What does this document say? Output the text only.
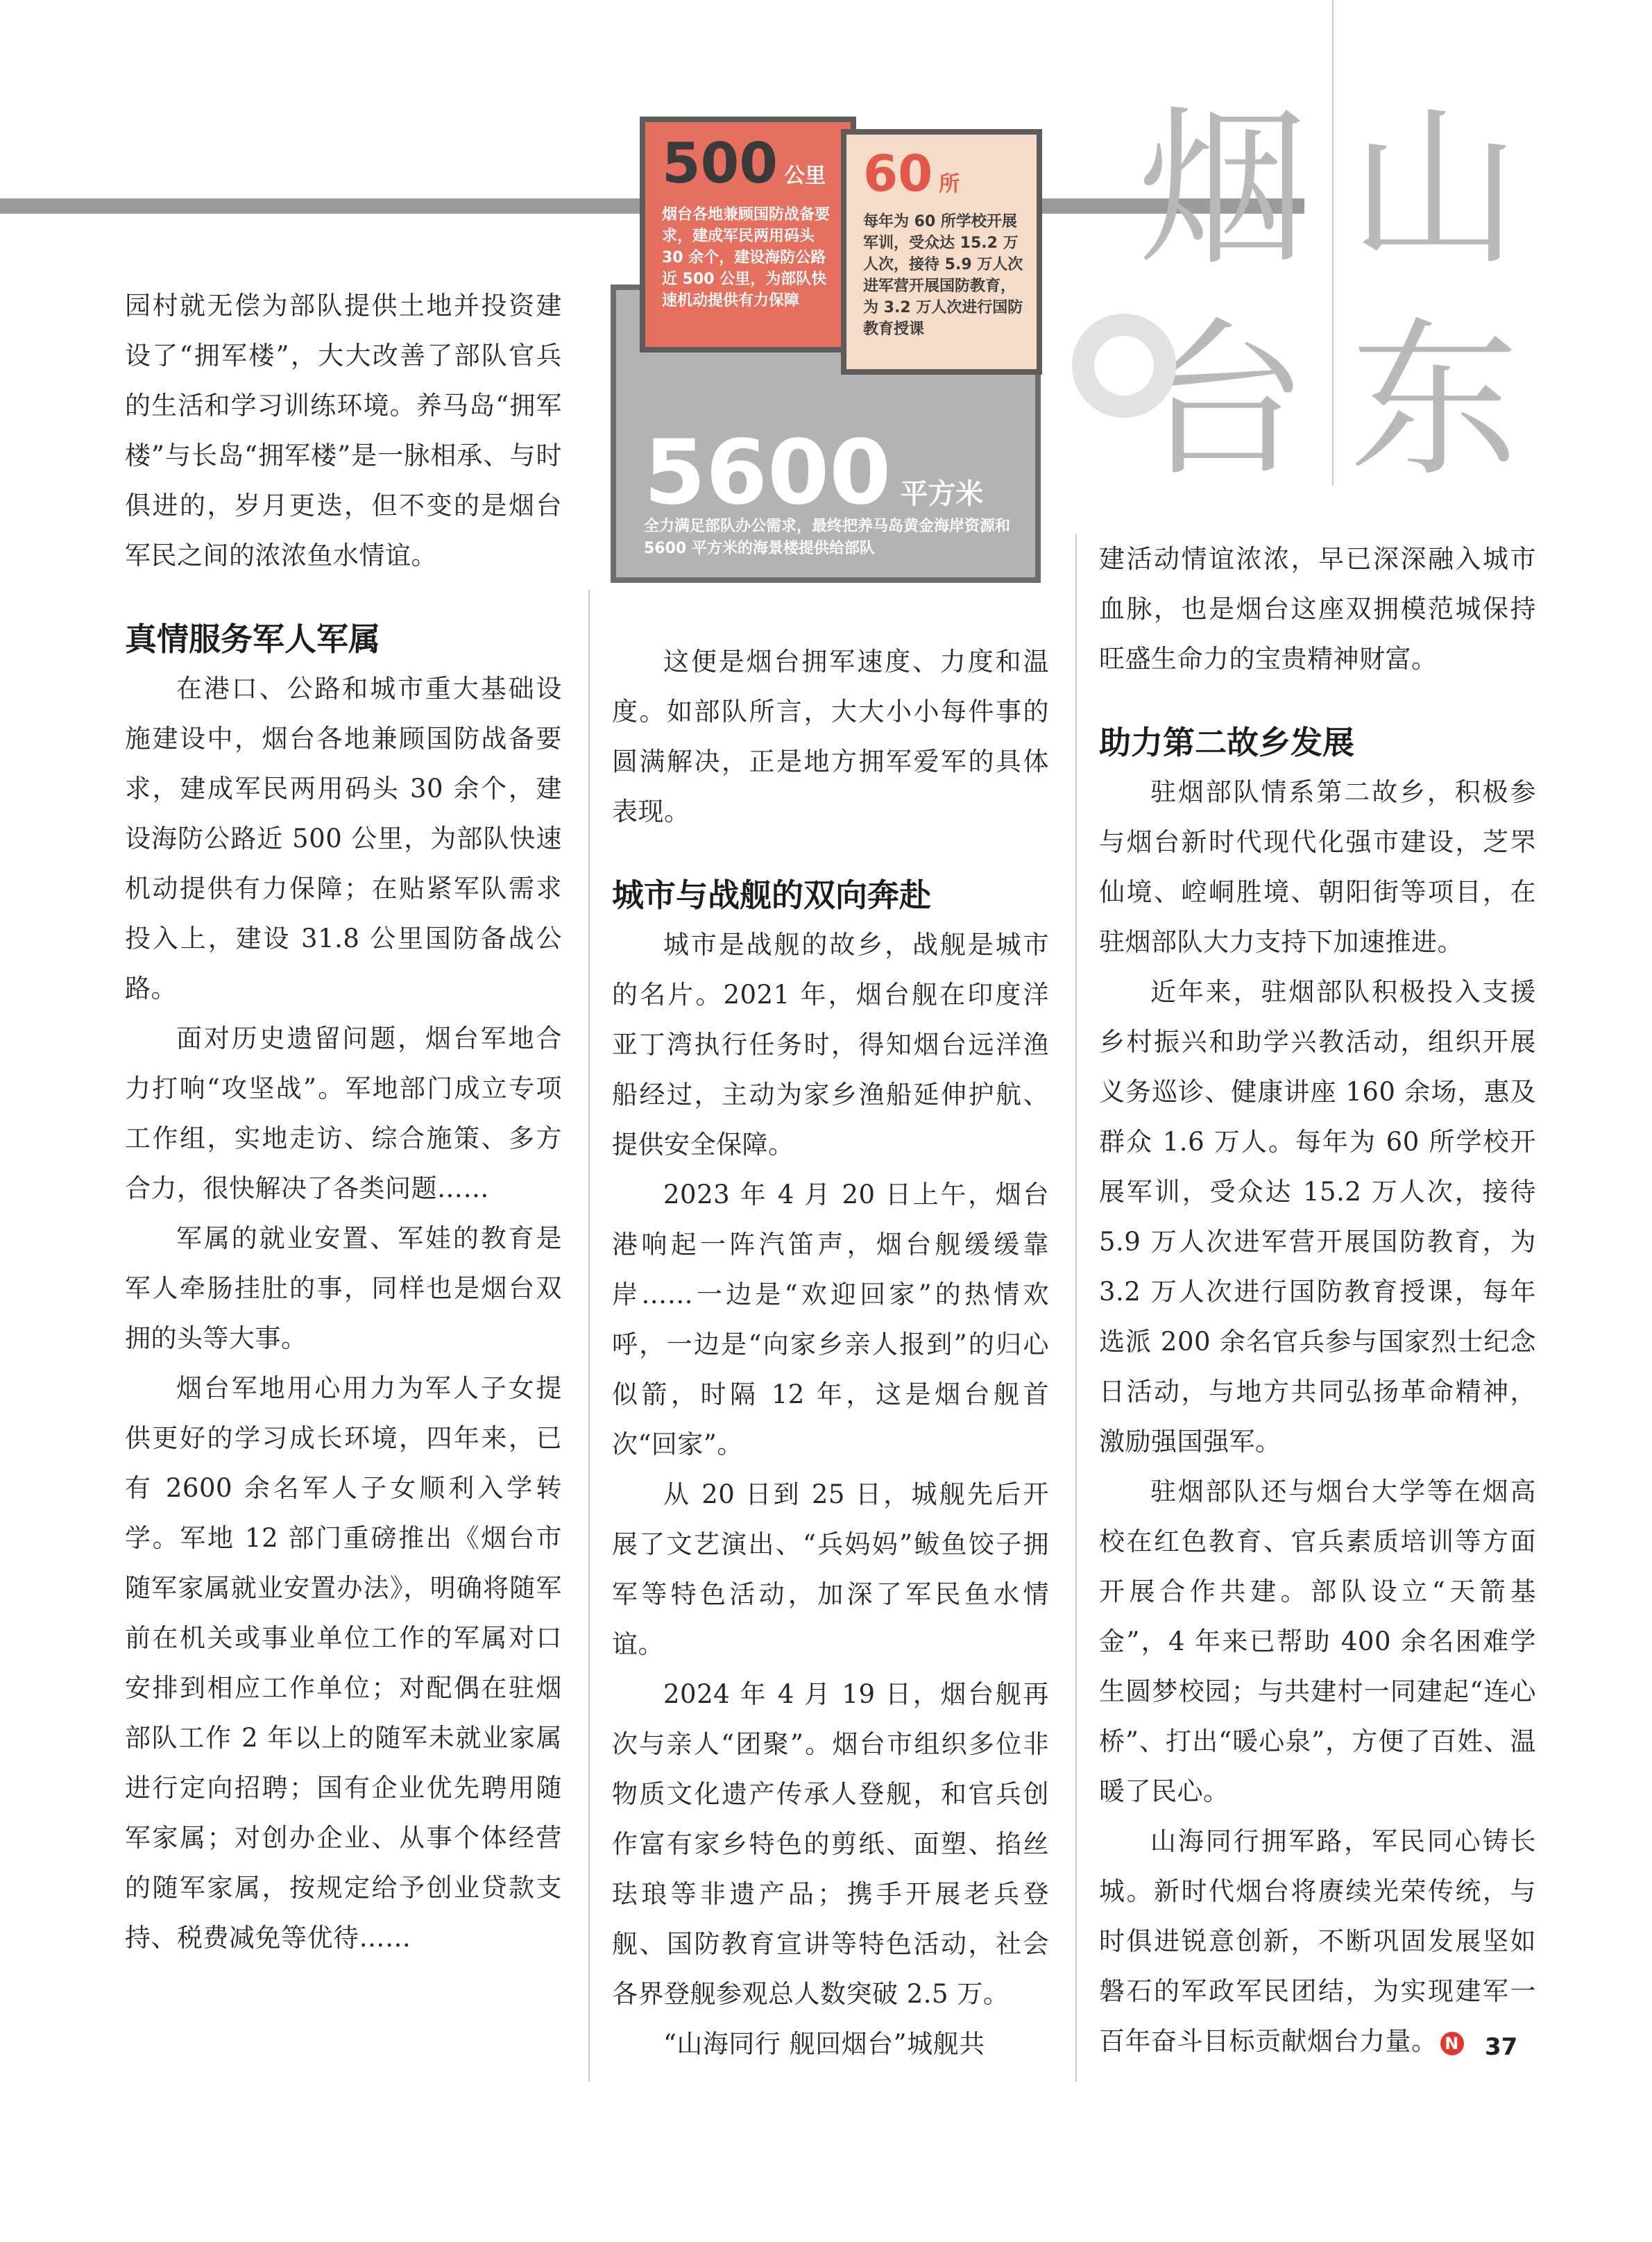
山
东
烟
台
5600 平方米
全力满足部队办公需求，最终把养马岛黄金海岸资源和 5600 平方米的海景楼提供给部队
500 公里
烟台各地兼顾国防战备要求，建成军民两用码头 30 余个，建设海防公路近 500 公里，为部队快速机动提供有力保障
60 所
每年为 60 所学校开展军训，受众达 15.2 万人次，接待 5.9 万人次进军营开展国防教育，为 3.2 万人次进行国防教育授课

园村就无偿为部队提供土地并投资建设了“拥军楼”，大大改善了部队官兵的生活和学习训练环境。养马岛“拥军楼”与长岛“拥军楼”是一脉相承、与时俱进的，岁月更迭，但不变的是烟台军民之间的浓浓鱼水情谊。

真情服务军人军属

在港口、公路和城市重大基础设施建设中，烟台各地兼顾国防战备要求，建成军民两用码头 30 余个，建设海防公路近 500 公里，为部队快速机动提供有力保障；在贴紧军队需求投入上，建设 31.8 公里国防备战公路。

面对历史遗留问题，烟台军地合力打响“攻坚战”。军地部门成立专项工作组，实地走访、综合施策、多方合力，很快解决了各类问题……

军属的就业安置、军娃的教育是军人牵肠挂肚的事，同样也是烟台双拥的头等大事。

烟台军地用心用力为军人子女提供更好的学习成长环境，四年来，已有 2600 余名军人子女顺利入学转学。军地 12 部门重磅推出《烟台市随军家属就业安置办法》，明确将随军前在机关或事业单位工作的军属对口安排到相应工作单位；对配偶在驻烟部队工作 2 年以上的随军未就业家属进行定向招聘；国有企业优先聘用随军家属；对创办企业、从事个体经营的随军家属，按规定给予创业贷款支持、税费减免等优待……

这便是烟台拥军速度、力度和温度。如部队所言，大大小小每件事的圆满解决，正是地方拥军爱军的具体表现。

城市与战舰的双向奔赴

城市是战舰的故乡，战舰是城市的名片。2021 年，烟台舰在印度洋亚丁湾执行任务时，得知烟台远洋渔船经过，主动为家乡渔船延伸护航、提供安全保障。

2023 年 4 月 20 日上午，烟台港响起一阵汽笛声，烟台舰缓缓靠岸……一边是“欢迎回家”的热情欢呼，一边是“向家乡亲人报到”的归心似箭，时隔 12 年，这是烟台舰首次“回家”。

从 20 日到 25 日，城舰先后开展了文艺演出、“兵妈妈”鲅鱼饺子拥军等特色活动，加深了军民鱼水情谊。

2024 年 4 月 19 日，烟台舰再次与亲人“团聚”。烟台市组织多位非物质文化遗产传承人登舰，和官兵创作富有家乡特色的剪纸、面塑、掐丝珐琅等非遗产品；携手开展老兵登舰、国防教育宣讲等特色活动，社会各界登舰参观总人数突破 2.5 万。

“山海同行 舰回烟台”城舰共

建活动情谊浓浓，早已深深融入城市血脉，也是烟台这座双拥模范城保持旺盛生命力的宝贵精神财富。

助力第二故乡发展

驻烟部队情系第二故乡，积极参与烟台新时代现代化强市建设，芝罘仙境、崆峒胜境、朝阳街等项目，在驻烟部队大力支持下加速推进。

近年来，驻烟部队积极投入支援乡村振兴和助学兴教活动，组织开展义务巡诊、健康讲座 160 余场，惠及群众 1.6 万人。每年为 60 所学校开展军训，受众达 15.2 万人次，接待 5.9 万人次进军营开展国防教育，为 3.2 万人次进行国防教育授课，每年选派 200 余名官兵参与国家烈士纪念日活动，与地方共同弘扬革命精神，激励强国强军。

驻烟部队还与烟台大学等在烟高校在红色教育、官兵素质培训等方面开展合作共建。部队设立“天箭基金”，4 年来已帮助 400 余名困难学生圆梦校园；与共建村一同建起“连心桥”、打出“暖心泉”，方便了百姓、温暖了民心。

山海同行拥军路，军民同心铸长城。新时代烟台将赓续光荣传统，与时俱进锐意创新，不断巩固发展坚如磐石的军政军民团结，为实现建军一百年奋斗目标贡献烟台力量。 N	37
